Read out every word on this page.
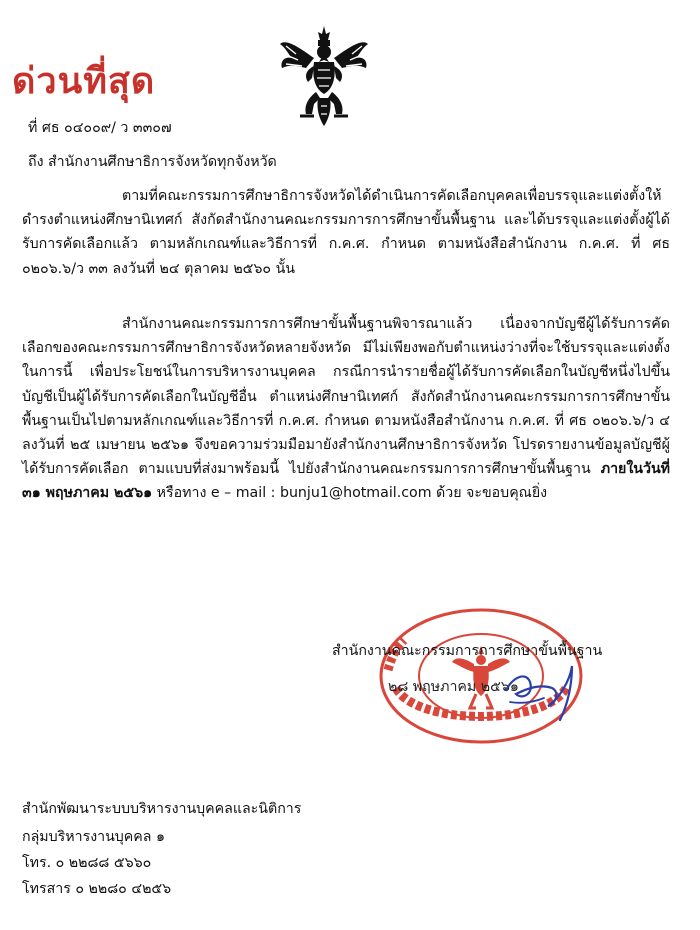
ด่วนที่สุด
ที่ ศธ ๐๔๐๐๙/ ว ๓๓๐๗
ถึง สำนักงานศึกษาธิการจังหวัดทุกจังหวัด
ตามที่คณะกรรมการศึกษาธิการจังหวัดได้ดำเนินการคัดเลือกบุคคลเพื่อบรรจุและแต่งตั้งให้ดำรงตำแหน่งศึกษานิเทศก์ สังกัดสำนักงานคณะกรรมการการศึกษาขั้นพื้นฐาน และได้บรรจุและแต่งตั้งผู้ได้รับการคัดเลือกแล้ว ตามหลักเกณฑ์และวิธีการที่ ก.ค.ศ. กำหนด ตามหนังสือสำนักงาน ก.ค.ศ. ที่ ศธ ๐๒๐๖.๖/ว ๓๓ ลงวันที่ ๒๔ ตุลาคม ๒๕๖๐ นั้น
สำนักงานคณะกรรมการการศึกษาขั้นพื้นฐานพิจารณาแล้ว เนื่องจากบัญชีผู้ได้รับการคัดเลือกของคณะกรรมการศึกษาธิการจังหวัดหลายจังหวัด มีไม่เพียงพอกับตำแหน่งว่างที่จะใช้บรรจุและแต่งตั้งในการนี้ เพื่อประโยชน์ในการบริหารงานบุคคล กรณีการนำรายชื่อผู้ได้รับการคัดเลือกในบัญชีหนึ่งไปขึ้นบัญชีเป็นผู้ได้รับการคัดเลือกในบัญชีอื่น ตำแหน่งศึกษานิเทศก์ สังกัดสำนักงานคณะกรรมการการศึกษาขั้นพื้นฐานเป็นไปตามหลักเกณฑ์และวิธีการที่ ก.ค.ศ. กำหนด ตามหนังสือสำนักงาน ก.ค.ศ. ที่ ศธ ๐๒๐๖.๖/ว ๔ ลงวันที่ ๒๕ เมษายน ๒๕๖๑ จึงขอความร่วมมือมายังสำนักงานศึกษาธิการจังหวัด โปรดรายงานข้อมูลบัญชีผู้ได้รับการคัดเลือก ตามแบบที่ส่งมาพร้อมนี้ ไปยังสำนักงานคณะกรรมการการศึกษาขั้นพื้นฐาน ภายในวันที่ ๓๑ พฤษภาคม ๒๕๖๑ หรือทาง e – mail : bunju1@hotmail.com ด้วย จะขอบคุณยิ่ง
สำนักงานคณะกรรมการการศึกษาขั้นพื้นฐาน
๒๘ พฤษภาคม ๒๕๖๑
สำนักพัฒนาระบบบริหารงานบุคคลและนิติการ
กลุ่มบริหารงานบุคคล ๑
โทร. ๐ ๒๒๘๘ ๕๖๖๐
โทรสาร ๐ ๒๒๘๐ ๔๒๕๖
